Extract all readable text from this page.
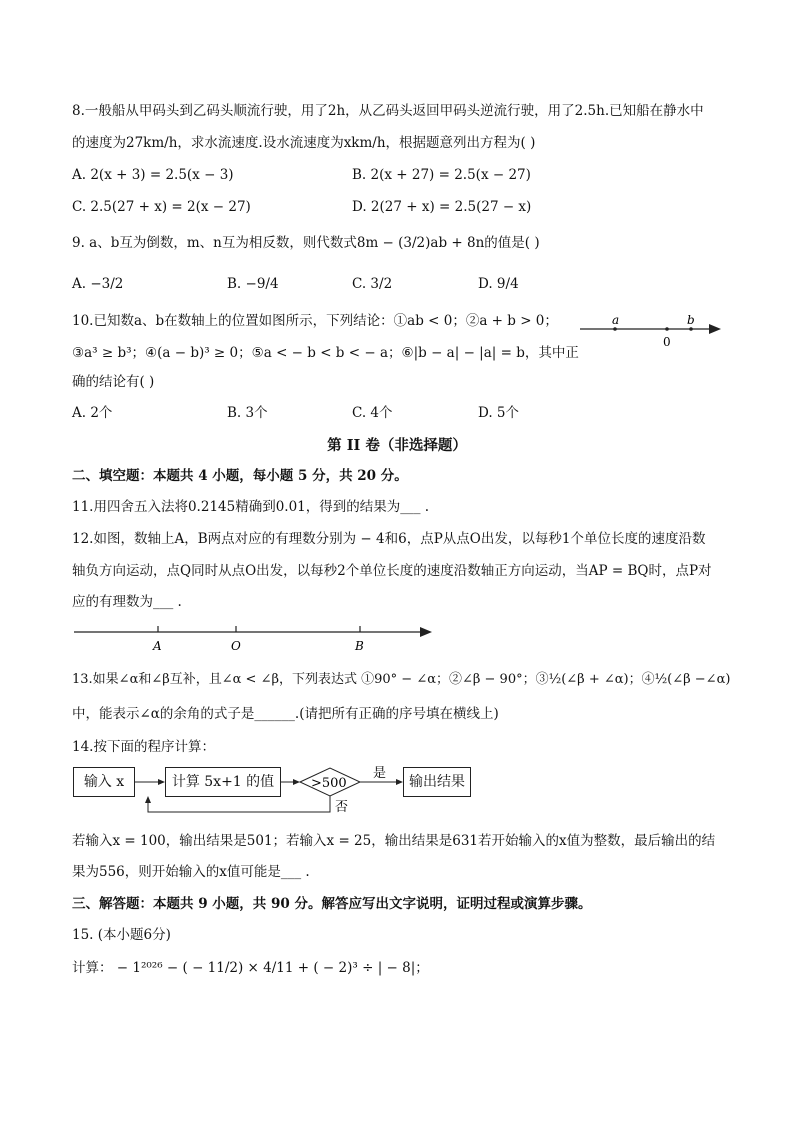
8.一般船从甲码头到乙码头顺流行驶，用了2h，从乙码头返回甲码头逆流行驶，用了2.5h.已知船在静水中
的速度为27km/h，求水流速度.设水流速度为xkm/h，根据题意列出方程为( )
A. 2(x + 3) = 2.5(x − 3)	B. 2(x + 27) = 2.5(x − 27)
C. 2.5(27 + x) = 2(x − 27)	D. 2(27 + x) = 2.5(27 − x)
9. a、b互为倒数，m、n互为相反数，则代数式8m − (3/2)ab + 8n的值是( )
A. −3/2	B. −9/4	C. 3/2	D. 9/4
10.已知数a、b在数轴上的位置如图所示，下列结论：①ab < 0；②a + b > 0；
③a³ ≥ b³；④(a − b)³ ≥ 0；⑤a < − b < b < − a；⑥|b − a| − |a| = b，其中正
确的结论有( )
a	b
0
A. 2个	B. 3个	C. 4个	D. 5个
第 II 卷（非选择题）
二、填空题：本题共 4 小题，每小题 5 分，共 20 分。
11.用四舍五入法将0.2145精确到0.01，得到的结果为___ .
12.如图，数轴上A，B两点对应的有理数分别为 − 4和6，点P从点O出发，以每秒1个单位长度的速度沿数
轴负方向运动，点Q同时从点O出发，以每秒2个单位长度的速度沿数轴正方向运动，当AP = BQ时，点P对
应的有理数为___ .
A	O	B
13.如果∠α和∠β互补，且∠α < ∠β，下列表达式 ①90° − ∠α；②∠β − 90°；③½(∠β + ∠α)；④½(∠β −∠α)
中，能表示∠α的余角的式子是______.(请把所有正确的序号填在横线上)
14.按下面的程序计算：
输入 x	计算 5x+1 的值	输出结果
>500
是
否
若输入x = 100，输出结果是501；若输入x = 25，输出结果是631若开始输入的x值为整数，最后输出的结
果为556，则开始输入的x值可能是___ .
三、解答题：本题共 9 小题，共 90 分。解答应写出文字说明，证明过程或演算步骤。
15. (本小题6分)
计算： − 1²⁰²⁶ − ( − 11/2) × 4/11 + ( − 2)³ ÷ | − 8|；
